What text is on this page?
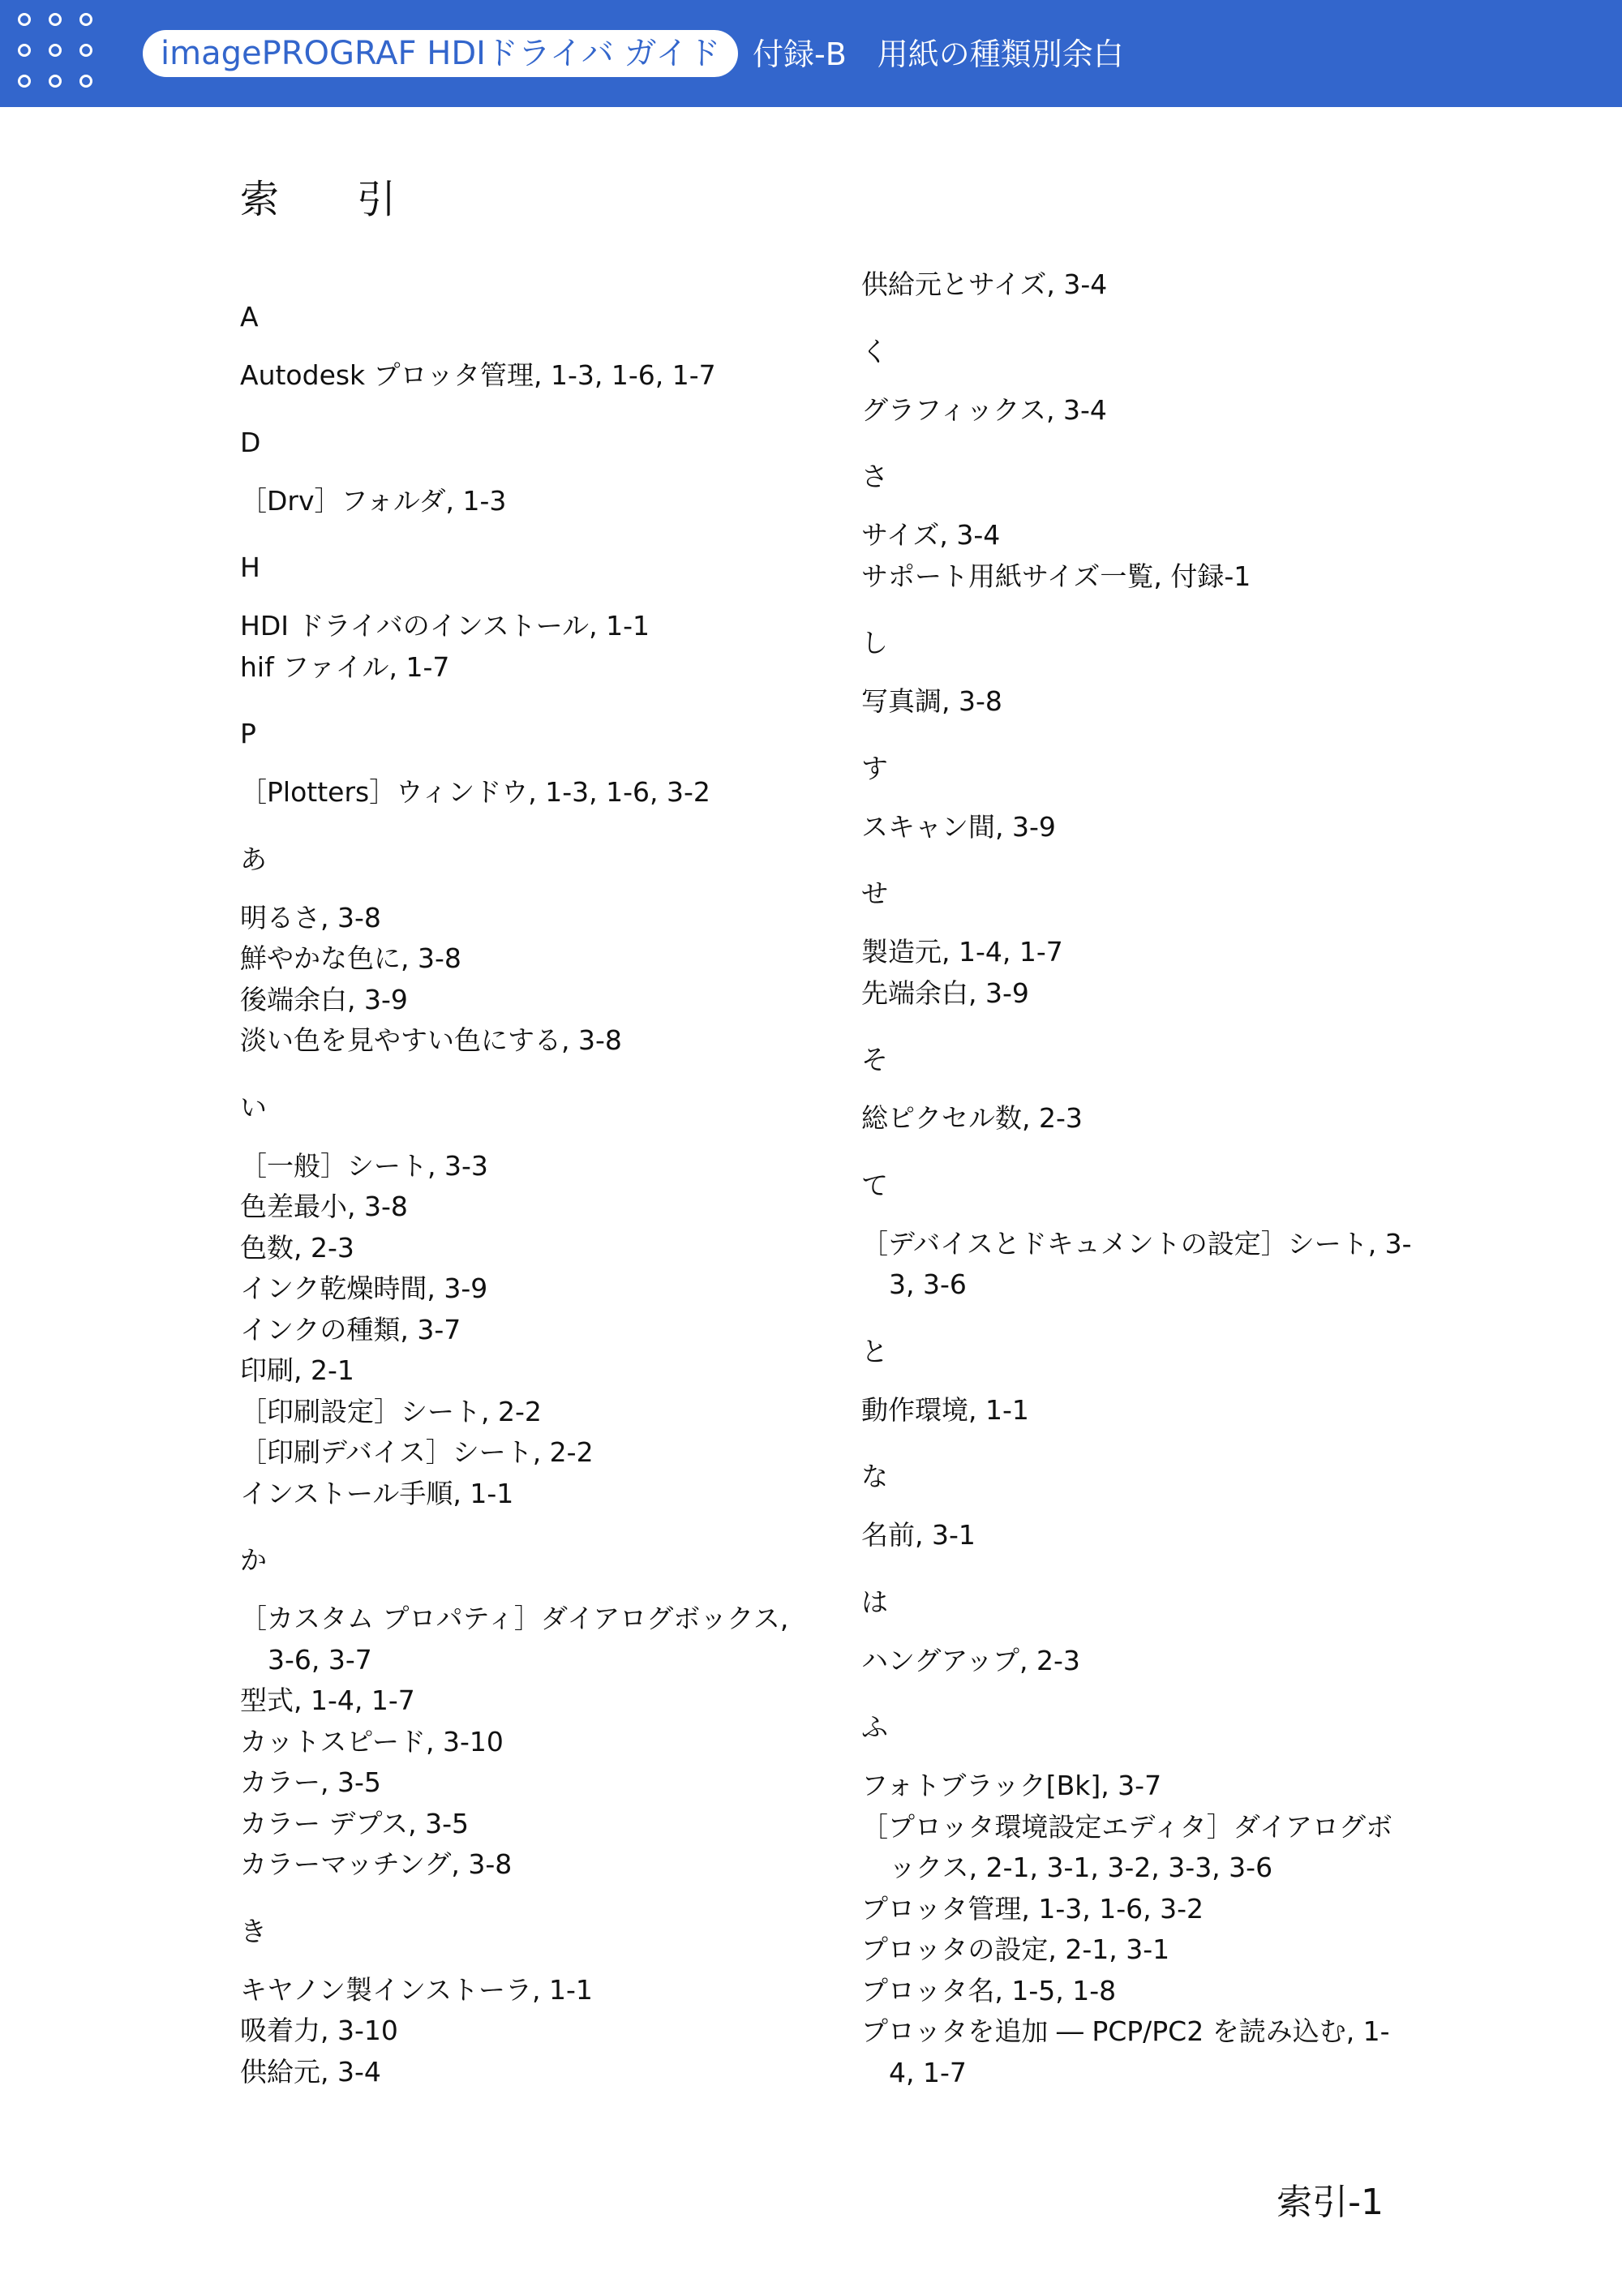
imagePROGRAF HDIドライバ ガイド	付録-B　用紙の種類別余白
索　引
A
Autodesk プロッタ管理, 1-3, 1-6, 1-7
D
［Drv］フォルダ, 1-3
H
HDI ドライバのインストール, 1-1
hif ファイル, 1-7
P
［Plotters］ウィンドウ, 1-3, 1-6, 3-2
あ
明るさ, 3-8
鮮やかな色に, 3-8
後端余白, 3-9
淡い色を見やすい色にする, 3-8
い
［一般］シート, 3-3
色差最小, 3-8
色数, 2-3
インク乾燥時間, 3-9
インクの種類, 3-7
印刷, 2-1
［印刷設定］シート, 2-2
［印刷デバイス］シート, 2-2
インストール手順, 1-1
か
［カスタム プロパティ］ダイアログボックス, 3-6, 3-7
型式, 1-4, 1-7
カットスピード, 3-10
カラー, 3-5
カラー デプス, 3-5
カラーマッチング, 3-8
き
キヤノン製インストーラ, 1-1
吸着力, 3-10
供給元, 3-4
供給元とサイズ, 3-4
く
グラフィックス, 3-4
さ
サイズ, 3-4
サポート用紙サイズ一覧, 付録-1
し
写真調, 3-8
す
スキャン間, 3-9
せ
製造元, 1-4, 1-7
先端余白, 3-9
そ
総ピクセル数, 2-3
て
［デバイスとドキュメントの設定］シート, 3-3, 3-6
と
動作環境, 1-1
な
名前, 3-1
は
ハングアップ, 2-3
ふ
フォトブラック[Bk], 3-7
［プロッタ環境設定エディタ］ダイアログボックス, 2-1, 3-1, 3-2, 3-3, 3-6
プロッタ管理, 1-3, 1-6, 3-2
プロッタの設定, 2-1, 3-1
プロッタ名, 1-5, 1-8
プロッタを追加 ― PCP/PC2 を読み込む, 1-4, 1-7
索引-1
